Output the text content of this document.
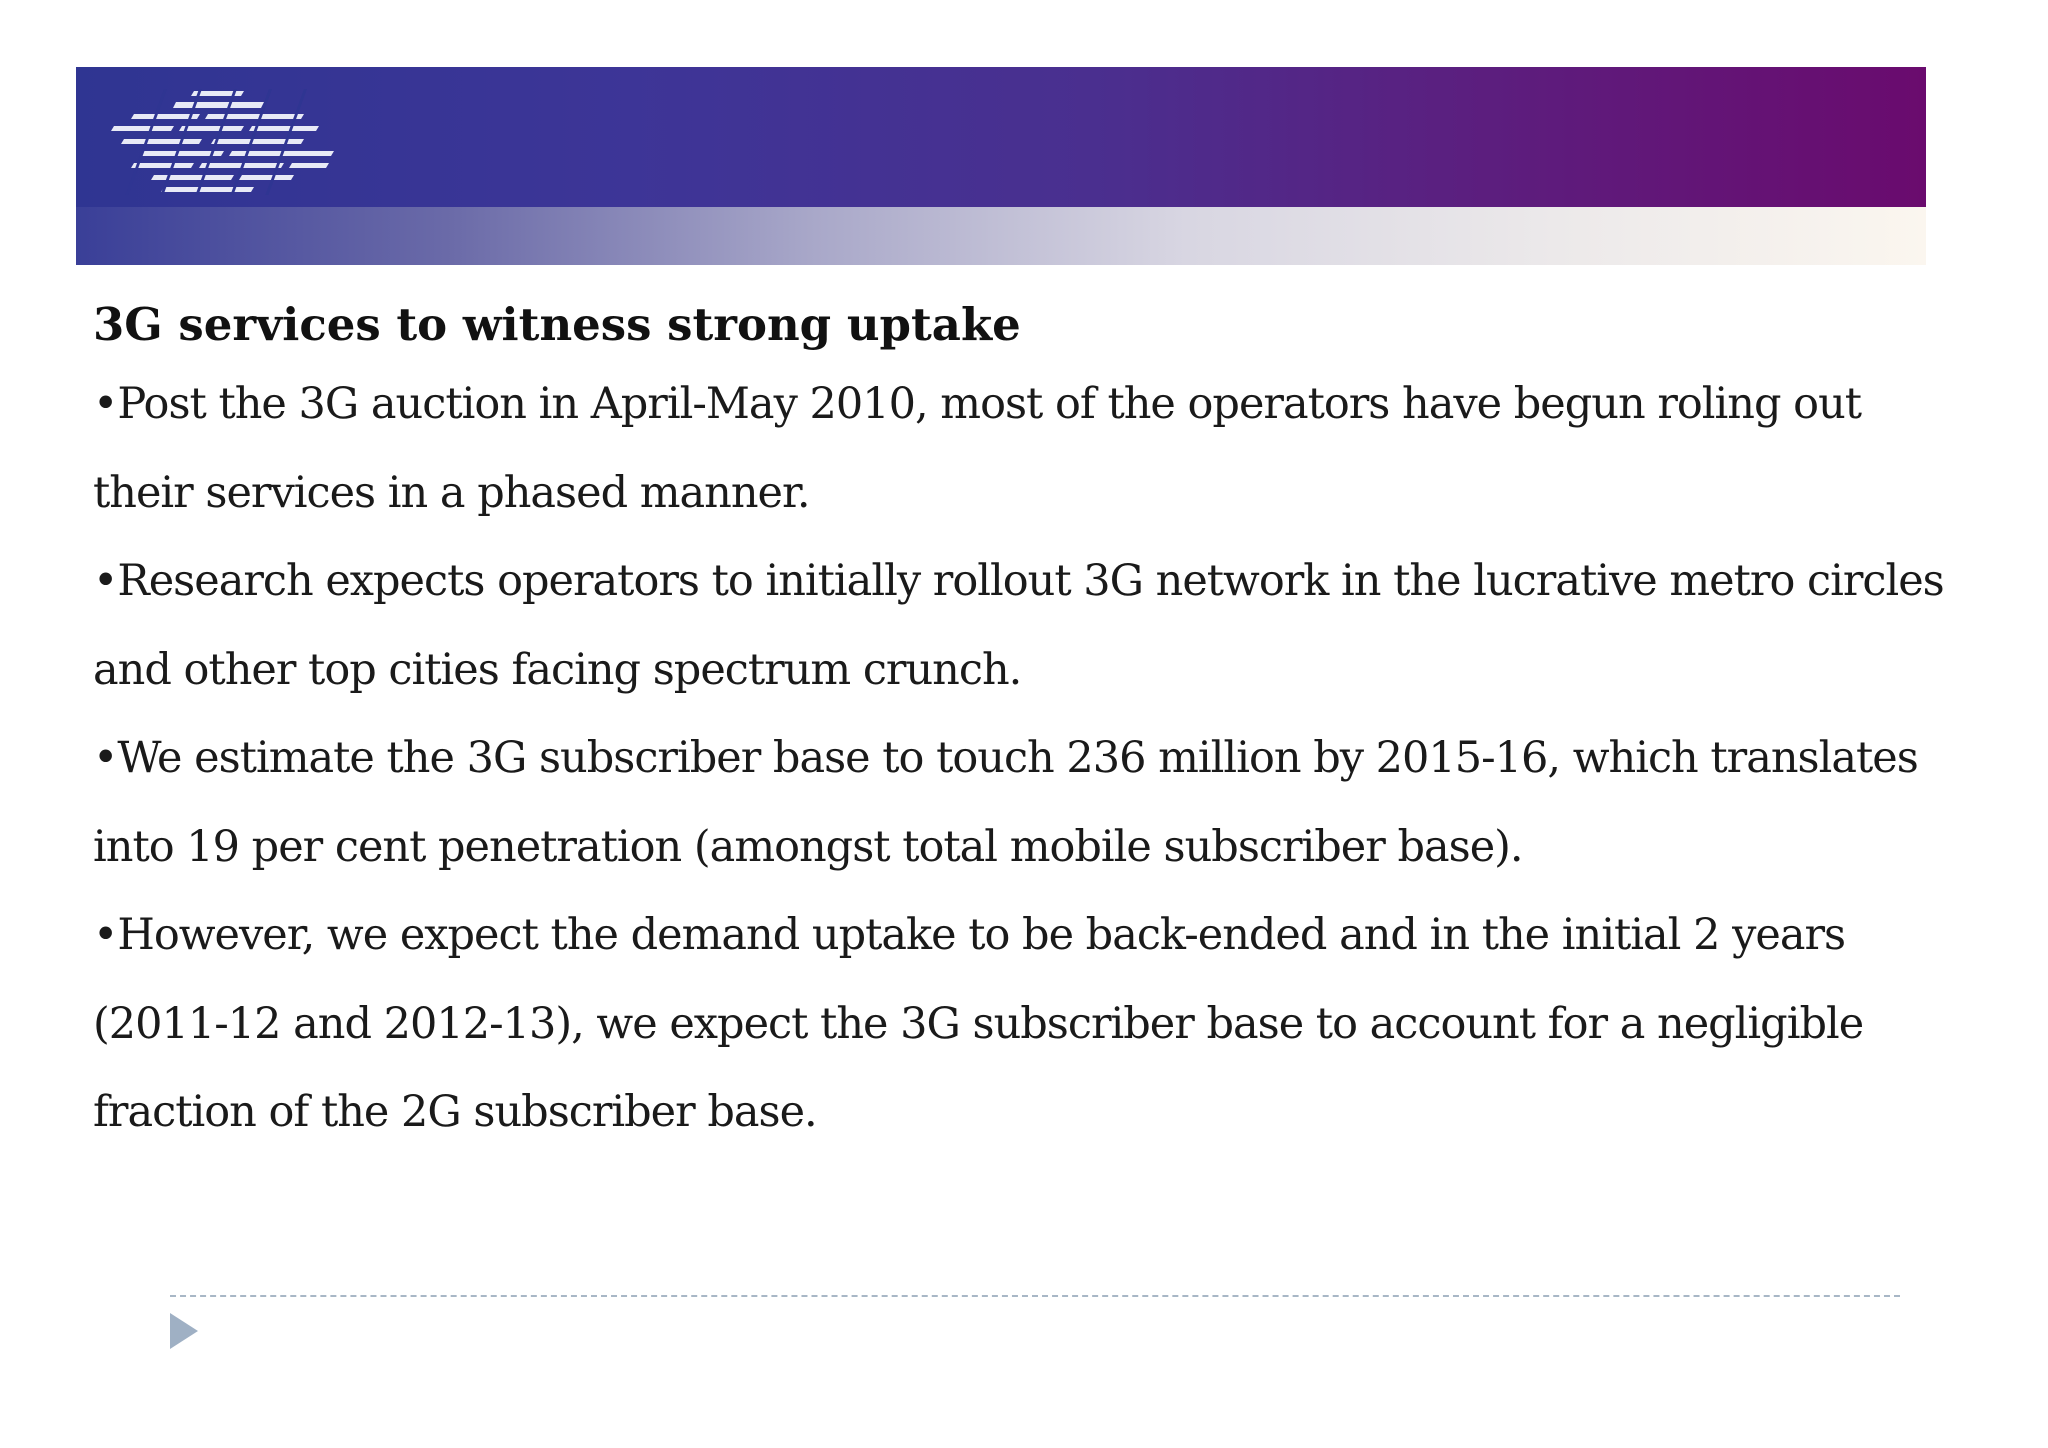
3G services to witness strong uptake

•Post the 3G auction in April-May 2010, most of the operators have begun roling out their services in a phased manner.

•Research expects operators to initially rollout 3G network in the lucrative metro circles and other top cities facing spectrum crunch.

•We estimate the 3G subscriber base to touch 236 million by 2015-16, which translates into 19 per cent penetration (amongst total mobile subscriber base).

•However, we expect the demand uptake to be back-ended and in the initial 2 years (2011-12 and 2012-13), we expect the 3G subscriber base to account for a negligible fraction of the 2G subscriber base.
